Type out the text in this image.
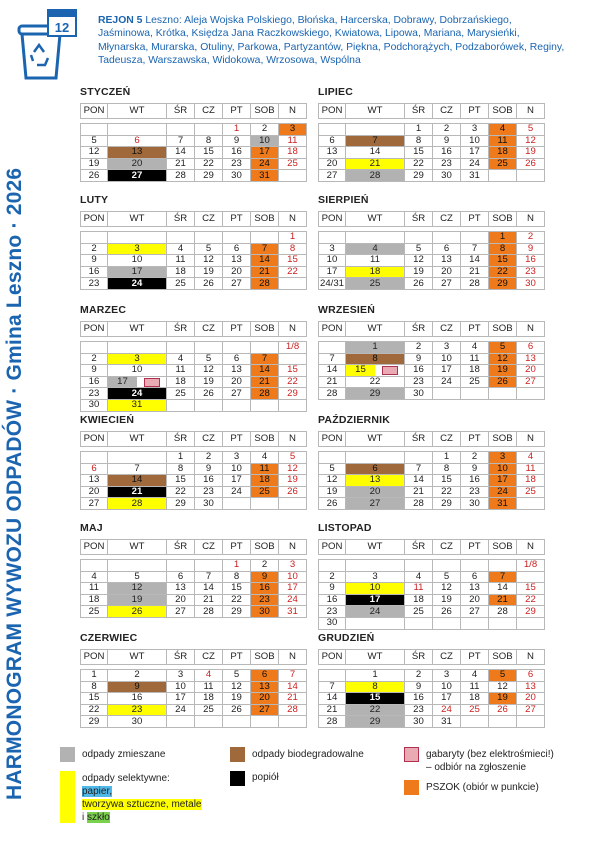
HARMONOGRAM WYWOZU ODPADÓW · Gmina Leszno · 2026
12	REJON 5 Leszno: Aleja Wojska Polskiego, Błońska, Harcerska, Dobrawy, Dobrzańskiego, Jaśminowa, Krótka, Księdza Jana Raczkowskiego, Kwiatowa, Lipowa, Mariana, Marysieńki, Młynarska, Murarska, Otuliny, Parkowa, Partyzantów, Piękna, Podchorążych, Podzaborówek, Reginy, Tadeusza, Warszawska, Widokowa, Wrzosowa, Wspólna
STYCZEŃ
PON	WT	ŚR	CZ	PT	SOB	N

				1	2	3
5	6	7	8	9	10	11
12	13	14	15	16	17	18
19	20	21	22	23	24	25
26	27	28	29	30	31	
LIPIEC
PON	WT	ŚR	CZ	PT	SOB	N

		1	2	3	4	5
6	7	8	9	10	11	12
13	14	15	16	17	18	19
20	21	22	23	24	25	26
27	28	29	30	31		
LUTY
PON	WT	ŚR	CZ	PT	SOB	N

						1
2	3	4	5	6	7	8
9	10	11	12	13	14	15
16	17	18	19	20	21	22
23	24	25	26	27	28	
SIERPIEŃ
PON	WT	ŚR	CZ	PT	SOB	N

					1	2
3	4	5	6	7	8	9
10	11	12	13	14	15	16
17	18	19	20	21	22	23
24/31	25	26	27	28	29	30
MARZEC
PON	WT	ŚR	CZ	PT	SOB	N

						1/8
2	3	4	5	6	7	
9	10	11	12	13	14	15
16	17	18	19	20	21	22
23	24	25	26	27	28	29
30	31					
WRZESIEŃ
PON	WT	ŚR	CZ	PT	SOB	N

	1	2	3	4	5	6
7	8	9	10	11	12	13
14	15	16	17	18	19	20
21	22	23	24	25	26	27
28	29	30				
KWIECIEŃ
PON	WT	ŚR	CZ	PT	SOB	N

		1	2	3	4	5
6	7	8	9	10	11	12
13	14	15	16	17	18	19
20	21	22	23	24	25	26
27	28	29	30			
PAŹDZIERNIK
PON	WT	ŚR	CZ	PT	SOB	N

			1	2	3	4
5	6	7	8	9	10	11
12	13	14	15	16	17	18
19	20	21	22	23	24	25
26	27	28	29	30	31	
MAJ
PON	WT	ŚR	CZ	PT	SOB	N

				1	2	3
4	5	6	7	8	9	10
11	12	13	14	15	16	17
18	19	20	21	22	23	24
25	26	27	28	29	30	31
LISTOPAD
PON	WT	ŚR	CZ	PT	SOB	N

						1/8
2	3	4	5	6	7	
9	10	11	12	13	14	15
16	17	18	19	20	21	22
23	24	25	26	27	28	29
30						
CZERWIEC
PON	WT	ŚR	CZ	PT	SOB	N

1	2	3	4	5	6	7
8	9	10	11	12	13	14
15	16	17	18	19	20	21
22	23	24	25	26	27	28
29	30					
GRUDZIEŃ
PON	WT	ŚR	CZ	PT	SOB	N

	1	2	3	4	5	6
7	8	9	10	11	12	13
14	15	16	17	18	19	20
21	22	23	24	25	26	27
28	29	30	31			
odpady zmieszane	odpady biodegradowalne	gabaryty (bez elektrośmieci!)
– odbiór na zgłoszenie
odpady selektywne:
papier,
tworzywa sztuczne, metale
i szkło
popiół
PSZOK (obiór w punkcie)
